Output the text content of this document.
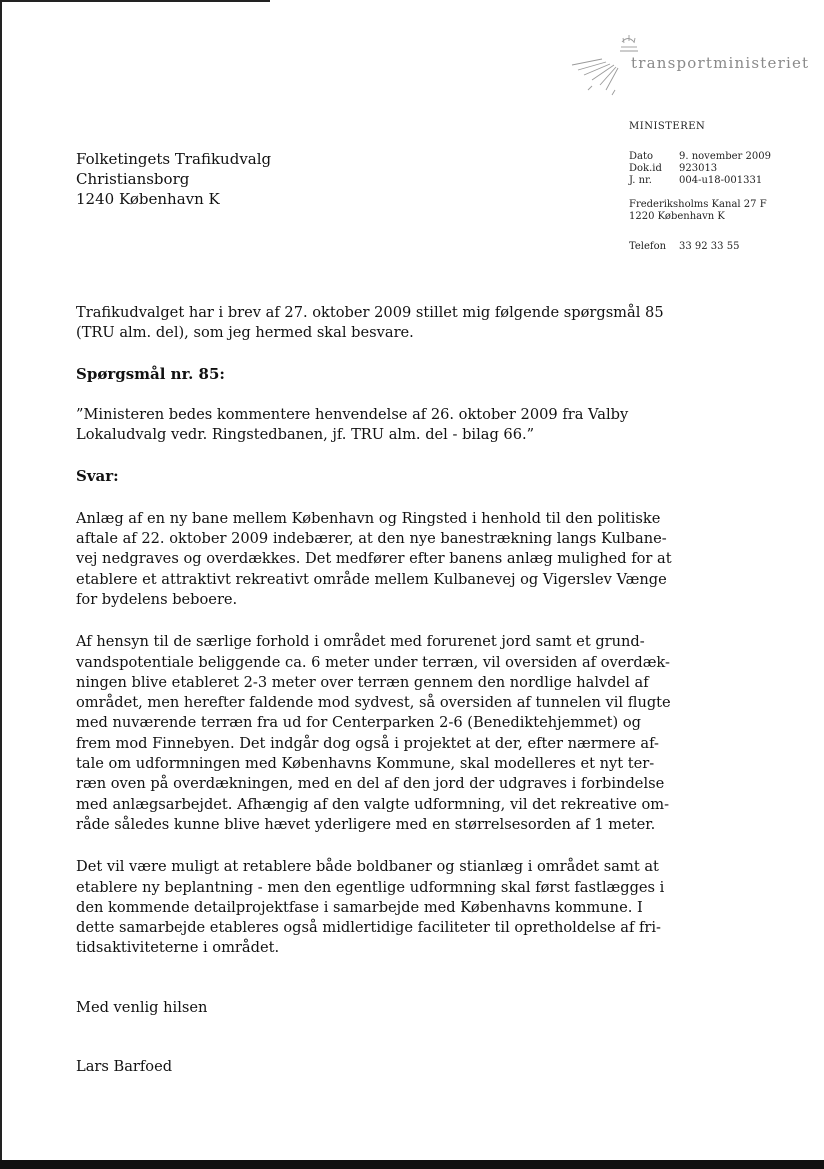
transportministeriet
MINISTEREN
Dato	9. november 2009
Dok.id	923013
J. nr.	004-u18-001331
Frederiksholms Kanal 27 F
1220 København K
Telefon	33 92 33 55
Folketingets Trafikudvalg
Christiansborg
1240 København K

Trafikudvalget har i brev af 27. oktober 2009 stillet mig følgende spørgsmål 85
(TRU alm. del), som jeg hermed skal besvare.

Spørgsmål nr. 85:

”Ministeren bedes kommentere henvendelse af 26. oktober 2009 fra Valby
Lokaludvalg vedr. Ringstedbanen, jf. TRU alm. del - bilag 66.”

Svar:

Anlæg af en ny bane mellem København og Ringsted i henhold til den politiske
aftale af 22. oktober 2009 indebærer, at den nye banestrækning langs Kulbane-
vej nedgraves og overdækkes. Det medfører efter banens anlæg mulighed for at
etablere et attraktivt rekreativt område mellem Kulbanevej og Vigerslev Vænge
for bydelens beboere.

Af hensyn til de særlige forhold i området med forurenet jord samt et grund-
vandspotentiale beliggende ca. 6 meter under terræn, vil oversiden af overdæk-
ningen blive etableret 2-3 meter over terræn gennem den nordlige halvdel af
området, men herefter faldende mod sydvest, så oversiden af tunnelen vil flugte
med nuværende terræn fra ud for Centerparken 2-6 (Benediktehjemmet) og
frem mod Finnebyen. Det indgår dog også i projektet at der, efter nærmere af-
tale om udformningen med Københavns Kommune, skal modelleres et nyt ter-
ræn oven på overdækningen, med en del af den jord der udgraves i forbindelse
med anlægsarbejdet. Afhængig af den valgte udformning, vil det rekreative om-
råde således kunne blive hævet yderligere med en størrelsesorden af 1 meter.

Det vil være muligt at retablere både boldbaner og stianlæg i området samt at
etablere ny beplantning - men den egentlige udformning skal først fastlægges i
den kommende detailprojektfase i samarbejde med Københavns kommune. I
dette samarbejde etableres også midlertidige faciliteter til opretholdelse af fri-
tidsaktiviteterne i området.

Med venlig hilsen

Lars Barfoed
